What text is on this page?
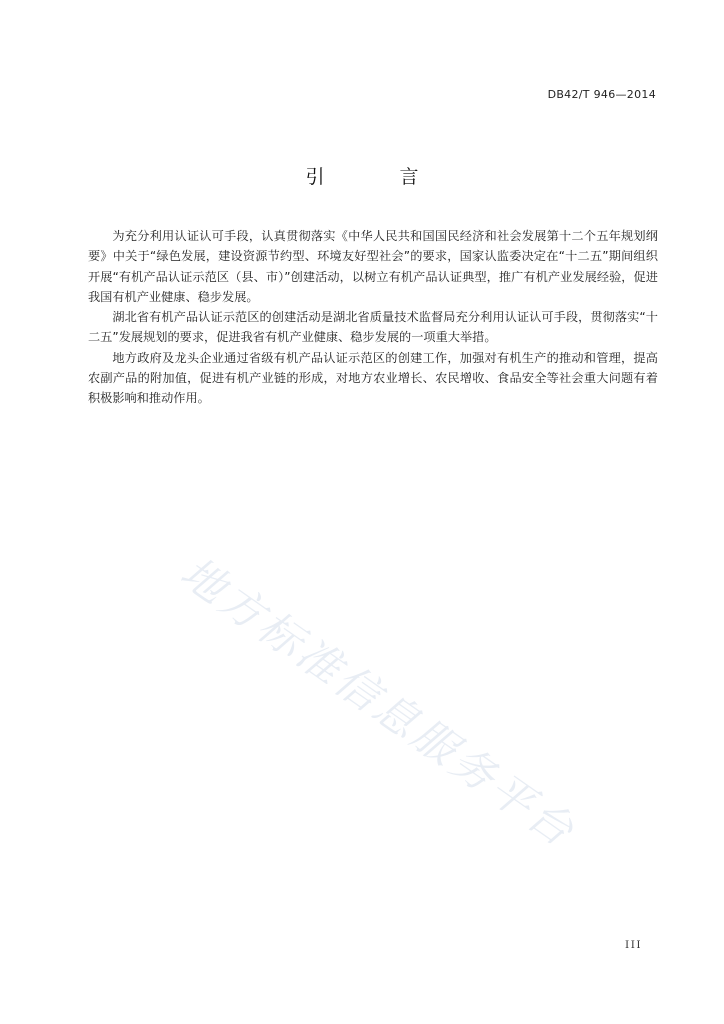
DB42/T 946—2014
引　言

为充分利用认证认可手段，认真贯彻落实《中华人民共和国国民经济和社会发展第十二个五年规划纲要》中关于“绿色发展，建设资源节约型、环境友好型社会”的要求，国家认监委决定在“十二五”期间组织开展“有机产品认证示范区（县、市）”创建活动，以树立有机产品认证典型，推广有机产业发展经验，促进我国有机产业健康、稳步发展。

湖北省有机产品认证示范区的创建活动是湖北省质量技术监督局充分利用认证认可手段，贯彻落实“十二五”发展规划的要求，促进我省有机产业健康、稳步发展的一项重大举措。

地方政府及龙头企业通过省级有机产品认证示范区的创建工作，加强对有机生产的推动和管理，提高农副产品的附加值，促进有机产业链的形成，对地方农业增长、农民增收、食品安全等社会重大问题有着积极影响和推动作用。

地方标准信息服务平台
III
